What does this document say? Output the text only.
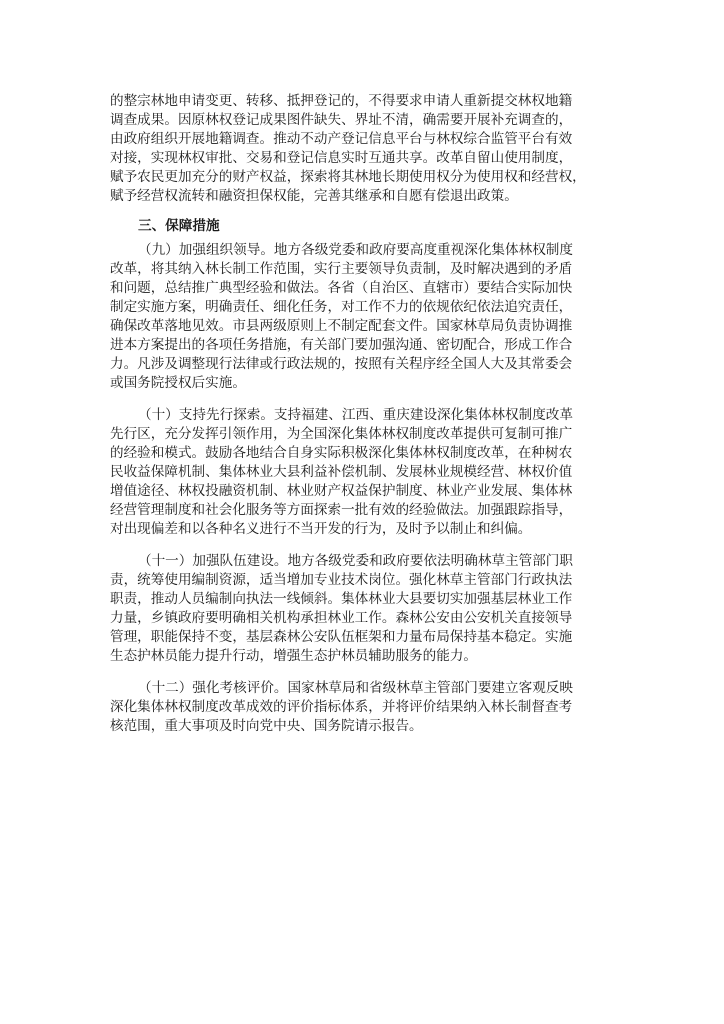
的整宗林地申请变更、转移、抵押登记的，不得要求申请人重新提交林权地籍
调查成果。因原林权登记成果图件缺失、界址不清，确需要开展补充调查的，
由政府组织开展地籍调查。推动不动产登记信息平台与林权综合监管平台有效
对接，实现林权审批、交易和登记信息实时互通共享。改革自留山使用制度，
赋予农民更加充分的财产权益，探索将其林地长期使用权分为使用权和经营权，
赋予经营权流转和融资担保权能，完善其继承和自愿有偿退出政策。

三、保障措施

（九）加强组织领导。地方各级党委和政府要高度重视深化集体林权制度
改革，将其纳入林长制工作范围，实行主要领导负责制，及时解决遇到的矛盾
和问题，总结推广典型经验和做法。各省（自治区、直辖市）要结合实际加快
制定实施方案，明确责任、细化任务，对工作不力的依规依纪依法追究责任，
确保改革落地见效。市县两级原则上不制定配套文件。国家林草局负责协调推
进本方案提出的各项任务措施，有关部门要加强沟通、密切配合，形成工作合
力。凡涉及调整现行法律或行政法规的，按照有关程序经全国人大及其常委会
或国务院授权后实施。

（十）支持先行探索。支持福建、江西、重庆建设深化集体林权制度改革
先行区，充分发挥引领作用，为全国深化集体林权制度改革提供可复制可推广
的经验和模式。鼓励各地结合自身实际积极深化集体林权制度改革，在种树农
民收益保障机制、集体林业大县利益补偿机制、发展林业规模经营、林权价值
增值途径、林权投融资机制、林业财产权益保护制度、林业产业发展、集体林
经营管理制度和社会化服务等方面探索一批有效的经验做法。加强跟踪指导，
对出现偏差和以各种名义进行不当开发的行为，及时予以制止和纠偏。

（十一）加强队伍建设。地方各级党委和政府要依法明确林草主管部门职
责，统筹使用编制资源，适当增加专业技术岗位。强化林草主管部门行政执法
职责，推动人员编制向执法一线倾斜。集体林业大县要切实加强基层林业工作
力量，乡镇政府要明确相关机构承担林业工作。森林公安由公安机关直接领导
管理，职能保持不变，基层森林公安队伍框架和力量布局保持基本稳定。实施
生态护林员能力提升行动，增强生态护林员辅助服务的能力。

（十二）强化考核评价。国家林草局和省级林草主管部门要建立客观反映
深化集体林权制度改革成效的评价指标体系，并将评价结果纳入林长制督查考
核范围，重大事项及时向党中央、国务院请示报告。
